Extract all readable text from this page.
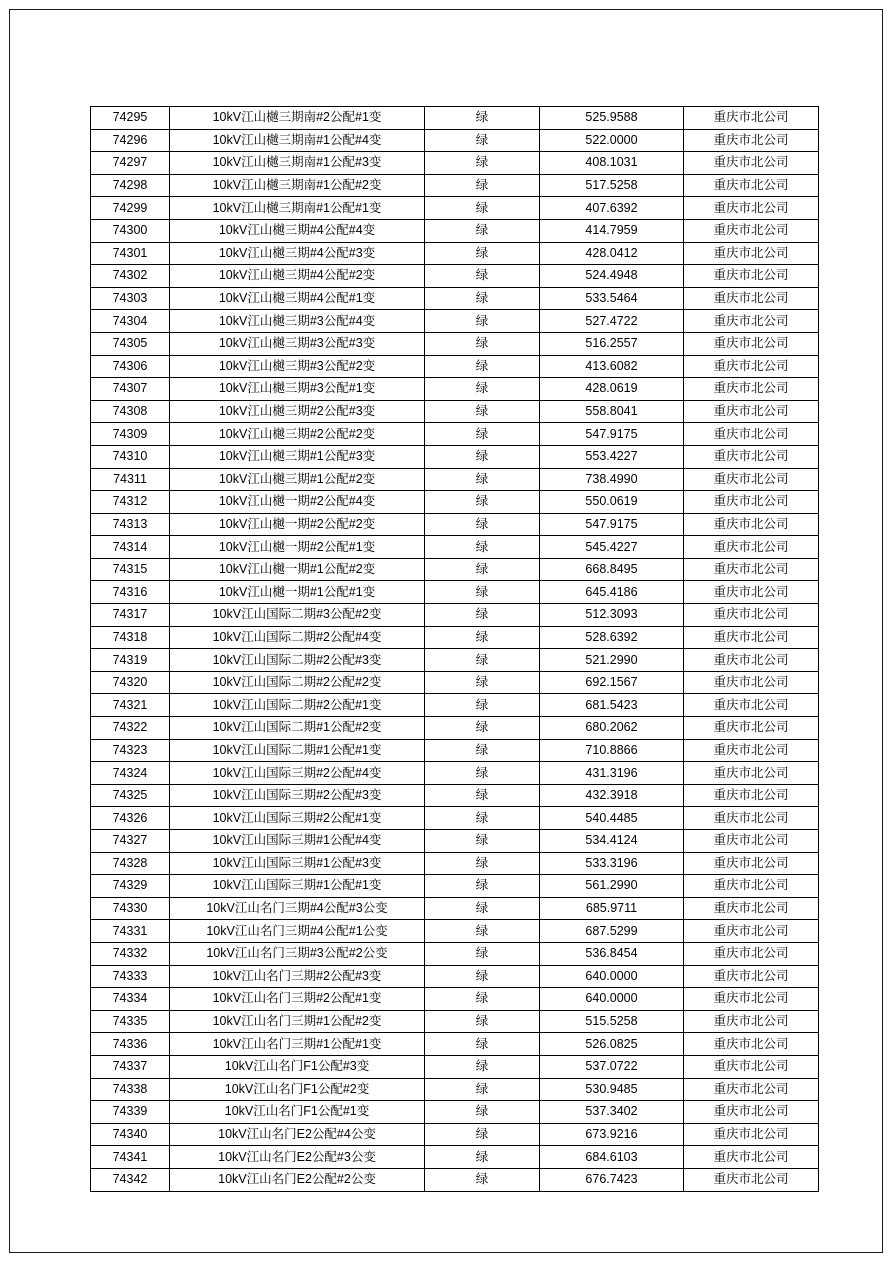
74295	10kV江山樾三期南#2公配#1变	绿	525.9588	重庆市北公司
74296	10kV江山樾三期南#1公配#4变	绿	522.0000	重庆市北公司
74297	10kV江山樾三期南#1公配#3变	绿	408.1031	重庆市北公司
74298	10kV江山樾三期南#1公配#2变	绿	517.5258	重庆市北公司
74299	10kV江山樾三期南#1公配#1变	绿	407.6392	重庆市北公司
74300	10kV江山樾三期#4公配#4变	绿	414.7959	重庆市北公司
74301	10kV江山樾三期#4公配#3变	绿	428.0412	重庆市北公司
74302	10kV江山樾三期#4公配#2变	绿	524.4948	重庆市北公司
74303	10kV江山樾三期#4公配#1变	绿	533.5464	重庆市北公司
74304	10kV江山樾三期#3公配#4变	绿	527.4722	重庆市北公司
74305	10kV江山樾三期#3公配#3变	绿	516.2557	重庆市北公司
74306	10kV江山樾三期#3公配#2变	绿	413.6082	重庆市北公司
74307	10kV江山樾三期#3公配#1变	绿	428.0619	重庆市北公司
74308	10kV江山樾三期#2公配#3变	绿	558.8041	重庆市北公司
74309	10kV江山樾三期#2公配#2变	绿	547.9175	重庆市北公司
74310	10kV江山樾三期#1公配#3变	绿	553.4227	重庆市北公司
74311	10kV江山樾三期#1公配#2变	绿	738.4990	重庆市北公司
74312	10kV江山樾一期#2公配#4变	绿	550.0619	重庆市北公司
74313	10kV江山樾一期#2公配#2变	绿	547.9175	重庆市北公司
74314	10kV江山樾一期#2公配#1变	绿	545.4227	重庆市北公司
74315	10kV江山樾一期#1公配#2变	绿	668.8495	重庆市北公司
74316	10kV江山樾一期#1公配#1变	绿	645.4186	重庆市北公司
74317	10kV江山国际二期#3公配#2变	绿	512.3093	重庆市北公司
74318	10kV江山国际二期#2公配#4变	绿	528.6392	重庆市北公司
74319	10kV江山国际二期#2公配#3变	绿	521.2990	重庆市北公司
74320	10kV江山国际二期#2公配#2变	绿	692.1567	重庆市北公司
74321	10kV江山国际二期#2公配#1变	绿	681.5423	重庆市北公司
74322	10kV江山国际二期#1公配#2变	绿	680.2062	重庆市北公司
74323	10kV江山国际二期#1公配#1变	绿	710.8866	重庆市北公司
74324	10kV江山国际三期#2公配#4变	绿	431.3196	重庆市北公司
74325	10kV江山国际三期#2公配#3变	绿	432.3918	重庆市北公司
74326	10kV江山国际三期#2公配#1变	绿	540.4485	重庆市北公司
74327	10kV江山国际三期#1公配#4变	绿	534.4124	重庆市北公司
74328	10kV江山国际三期#1公配#3变	绿	533.3196	重庆市北公司
74329	10kV江山国际三期#1公配#1变	绿	561.2990	重庆市北公司
74330	10kV江山名门三期#4公配#3公变	绿	685.9711	重庆市北公司
74331	10kV江山名门三期#4公配#1公变	绿	687.5299	重庆市北公司
74332	10kV江山名门三期#3公配#2公变	绿	536.8454	重庆市北公司
74333	10kV江山名门三期#2公配#3变	绿	640.0000	重庆市北公司
74334	10kV江山名门三期#2公配#1变	绿	640.0000	重庆市北公司
74335	10kV江山名门三期#1公配#2变	绿	515.5258	重庆市北公司
74336	10kV江山名门三期#1公配#1变	绿	526.0825	重庆市北公司
74337	10kV江山名门F1公配#3变	绿	537.0722	重庆市北公司
74338	10kV江山名门F1公配#2变	绿	530.9485	重庆市北公司
74339	10kV江山名门F1公配#1变	绿	537.3402	重庆市北公司
74340	10kV江山名门E2公配#4公变	绿	673.9216	重庆市北公司
74341	10kV江山名门E2公配#3公变	绿	684.6103	重庆市北公司
74342	10kV江山名门E2公配#2公变	绿	676.7423	重庆市北公司
